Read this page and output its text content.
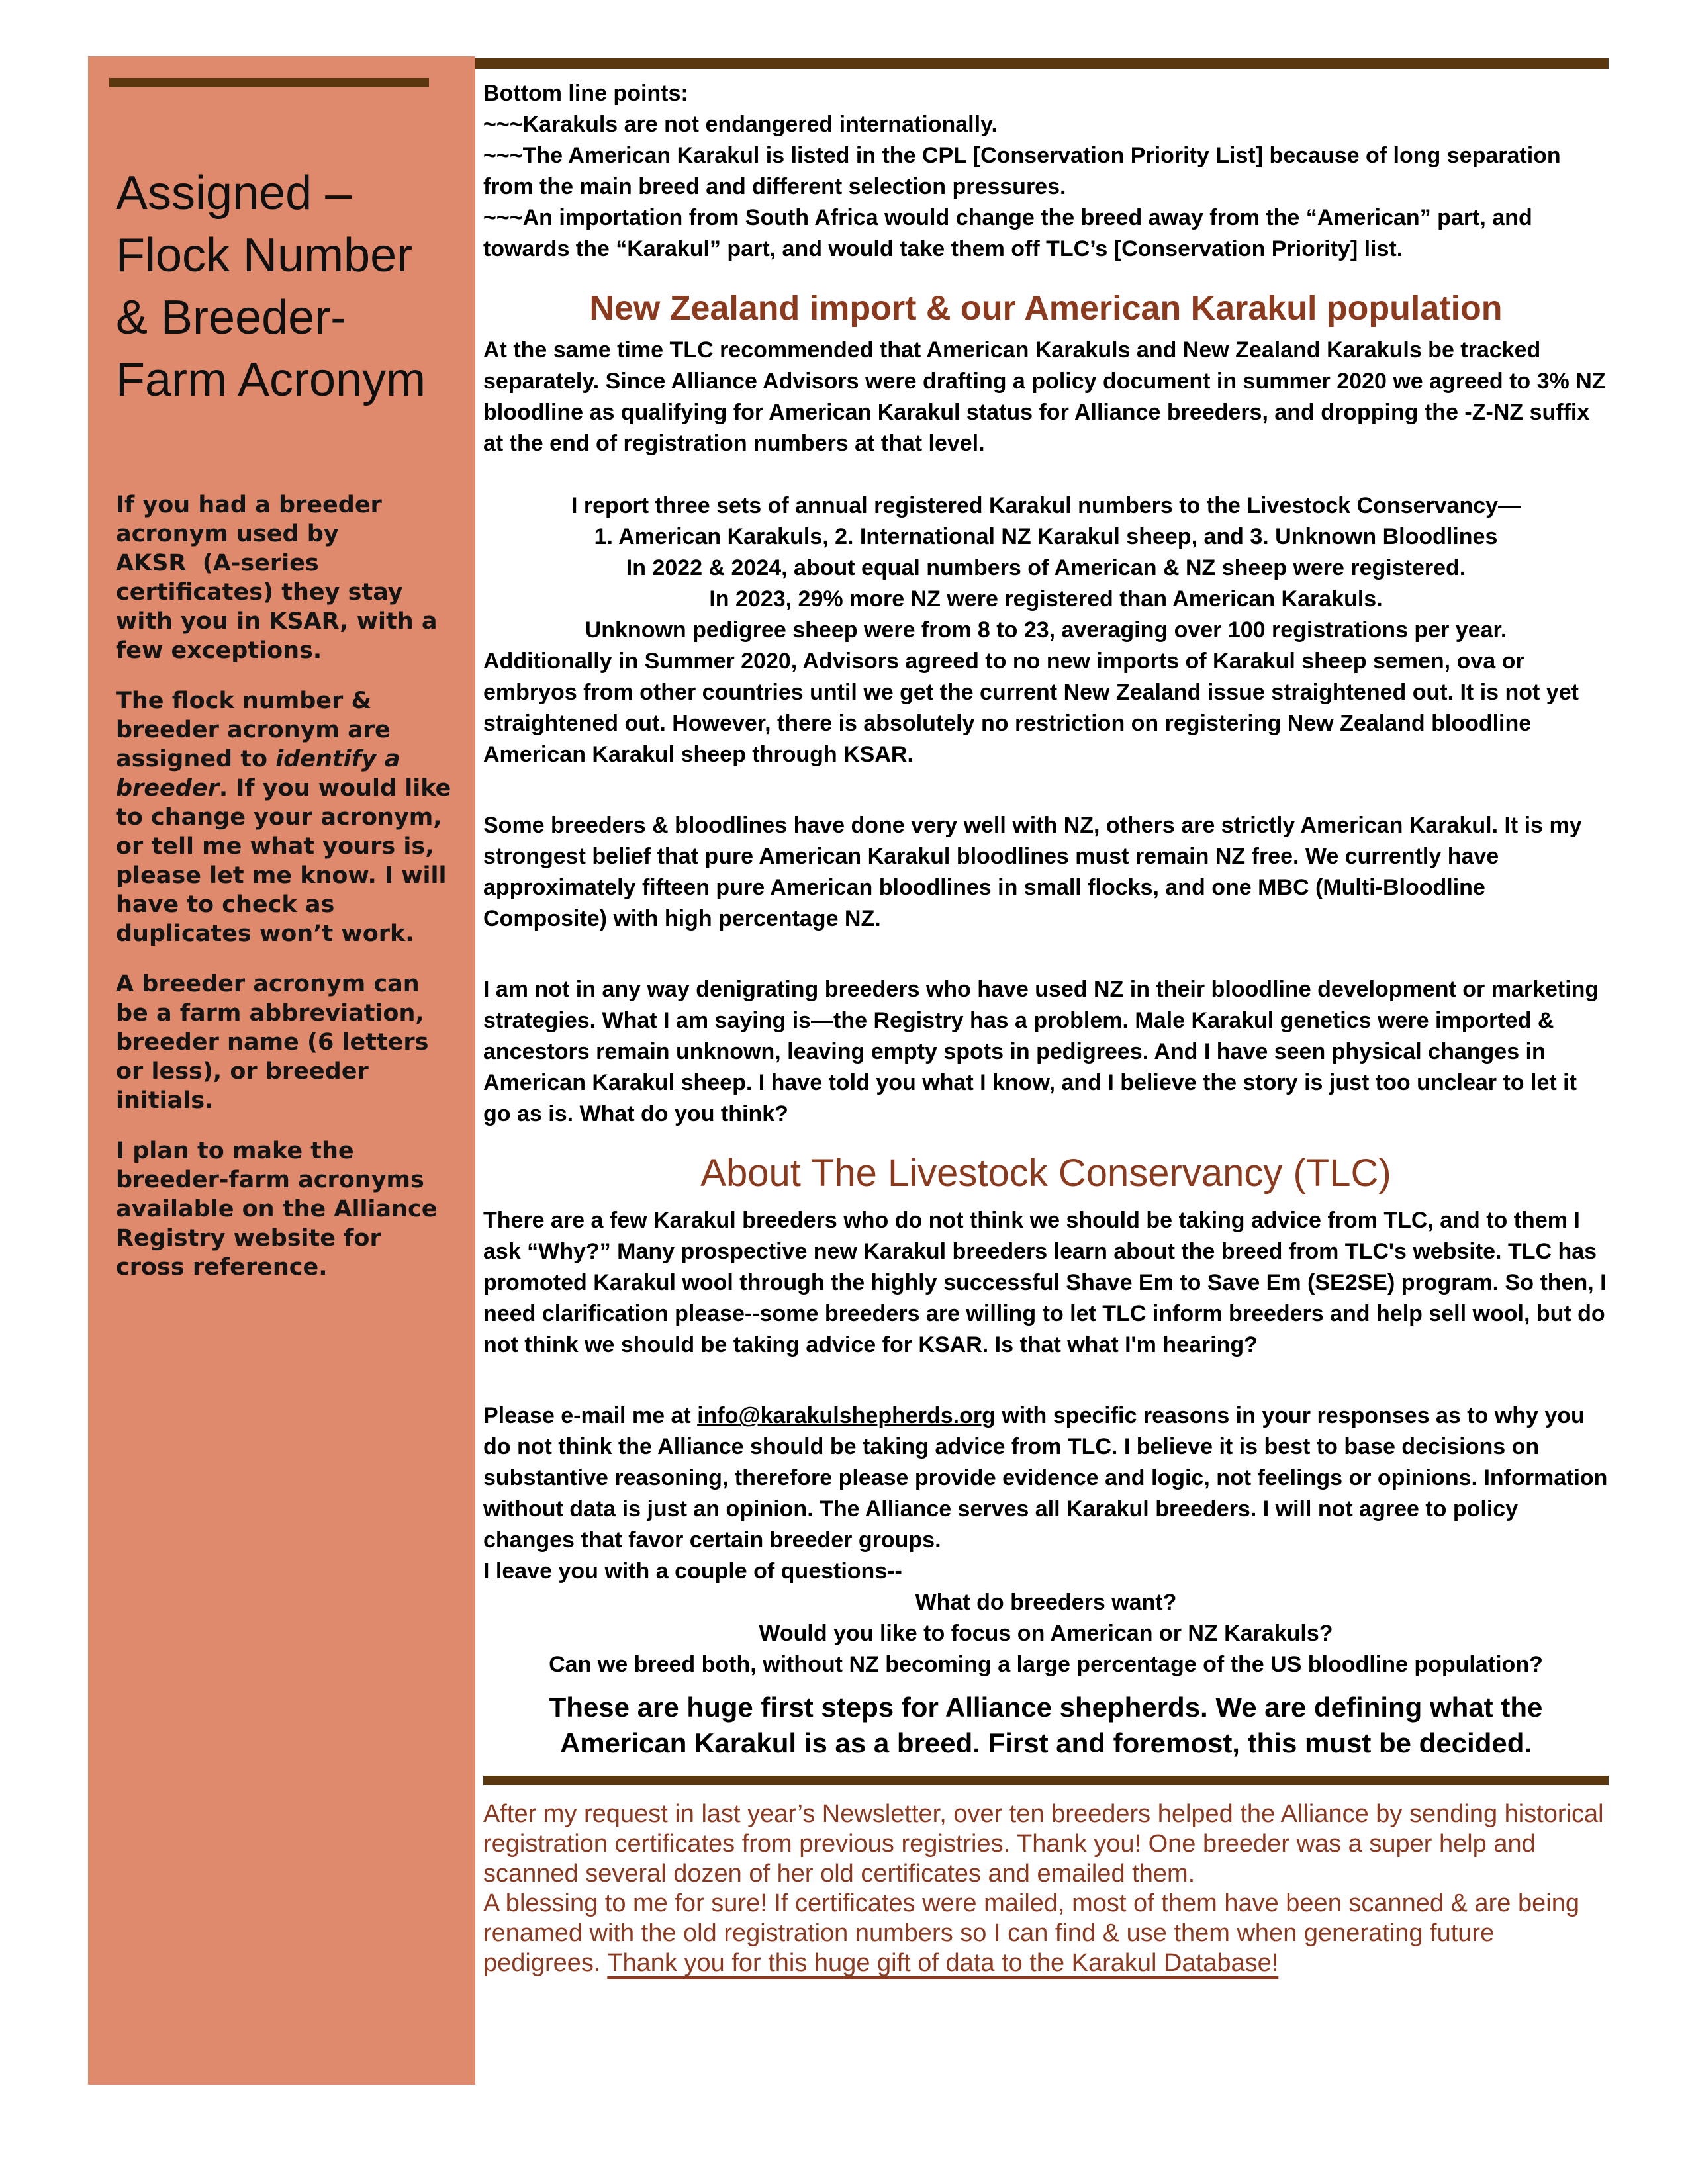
Assigned –
Flock Number
& Breeder-
Farm Acronym

If you had a breeder acronym used by AKSR  (A-series certificates) they stay with you in KSAR, with a few exceptions.

The flock number & breeder acronym are assigned to identify a breeder. If you would like to change your acronym, or tell me what yours is, please let me know. I will have to check as duplicates won’t work.

A breeder acronym can be a farm abbreviation, breeder name (6 letters or less), or breeder initials.

I plan to make the breeder-farm acronyms available on the Alliance Registry website for cross reference.

Bottom line points:

~~~Karakuls are not endangered internationally.

~~~The American Karakul is listed in the CPL [Conservation Priority List] because of long separation from the main breed and different selection pressures.

~~~An importation from South Africa would change the breed away from the “American” part, and towards the “Karakul” part, and would take them off TLC’s [Conservation Priority] list.

New Zealand import & our American Karakul population

At the same time TLC recommended that American Karakuls and New Zealand Karakuls be tracked separately. Since Alliance Advisors were drafting a policy document in summer 2020 we agreed to 3% NZ bloodline as qualifying for American Karakul status for Alliance breeders, and dropping the -Z-NZ suffix at the end of registration numbers at that level.

I report three sets of annual registered Karakul numbers to the Livestock Conservancy—

1. American Karakuls, 2. International NZ Karakul sheep, and 3. Unknown Bloodlines

In 2022 & 2024, about equal numbers of American & NZ sheep were registered.

In 2023, 29% more NZ were registered than American Karakuls.

Unknown pedigree sheep were from 8 to 23, averaging over 100 registrations per year.

Additionally in Summer 2020, Advisors agreed to no new imports of Karakul sheep semen, ova or embryos from other countries until we get the current New Zealand issue straightened out. It is not yet straightened out. However, there is absolutely no restriction on registering New Zealand bloodline American Karakul sheep through KSAR.

Some breeders & bloodlines have done very well with NZ, others are strictly American Karakul. It is my strongest belief that pure American Karakul bloodlines must remain NZ free. We currently have approximately fifteen pure American bloodlines in small flocks, and one MBC (Multi-Bloodline Composite) with high percentage NZ.

I am not in any way denigrating breeders who have used NZ in their bloodline development or marketing strategies. What I am saying is—the Registry has a problem. Male Karakul genetics were imported & ancestors remain unknown, leaving empty spots in pedigrees. And I have seen physical changes in American Karakul sheep. I have told you what I know, and I believe the story is just too unclear to let it go as is. What do you think?

About The Livestock Conservancy (TLC)

There are a few Karakul breeders who do not think we should be taking advice from TLC, and to them I ask “Why?” Many prospective new Karakul breeders learn about the breed from TLC's website. TLC has promoted Karakul wool through the highly successful Shave Em to Save Em (SE2SE) program. So then, I need clarification please--some breeders are willing to let TLC inform breeders and help sell wool, but do not think we should be taking advice for KSAR. Is that what I'm hearing?

Please e-mail me at info@karakulshepherds.org with specific reasons in your responses as to why you do not think the Alliance should be taking advice from TLC. I believe it is best to base decisions on substantive reasoning, therefore please provide evidence and logic, not feelings or opinions. Information without data is just an opinion. The Alliance serves all Karakul breeders. I will not agree to policy changes that favor certain breeder groups.

I leave you with a couple of questions--

What do breeders want?

Would you like to focus on American or NZ Karakuls?

Can we breed both, without NZ becoming a large percentage of the US bloodline population?

These are huge first steps for Alliance shepherds. We are defining what the American Karakul is as a breed. First and foremost, this must be decided.

After my request in last year’s Newsletter, over ten breeders helped the Alliance by sending historical registration certificates from previous registries. Thank you! One breeder was a super help and scanned several dozen of her old certificates and emailed them.

A blessing to me for sure! If certificates were mailed, most of them have been scanned & are being renamed with the old registration numbers so I can find & use them when generating future pedigrees. Thank you for this huge gift of data to the Karakul Database!
